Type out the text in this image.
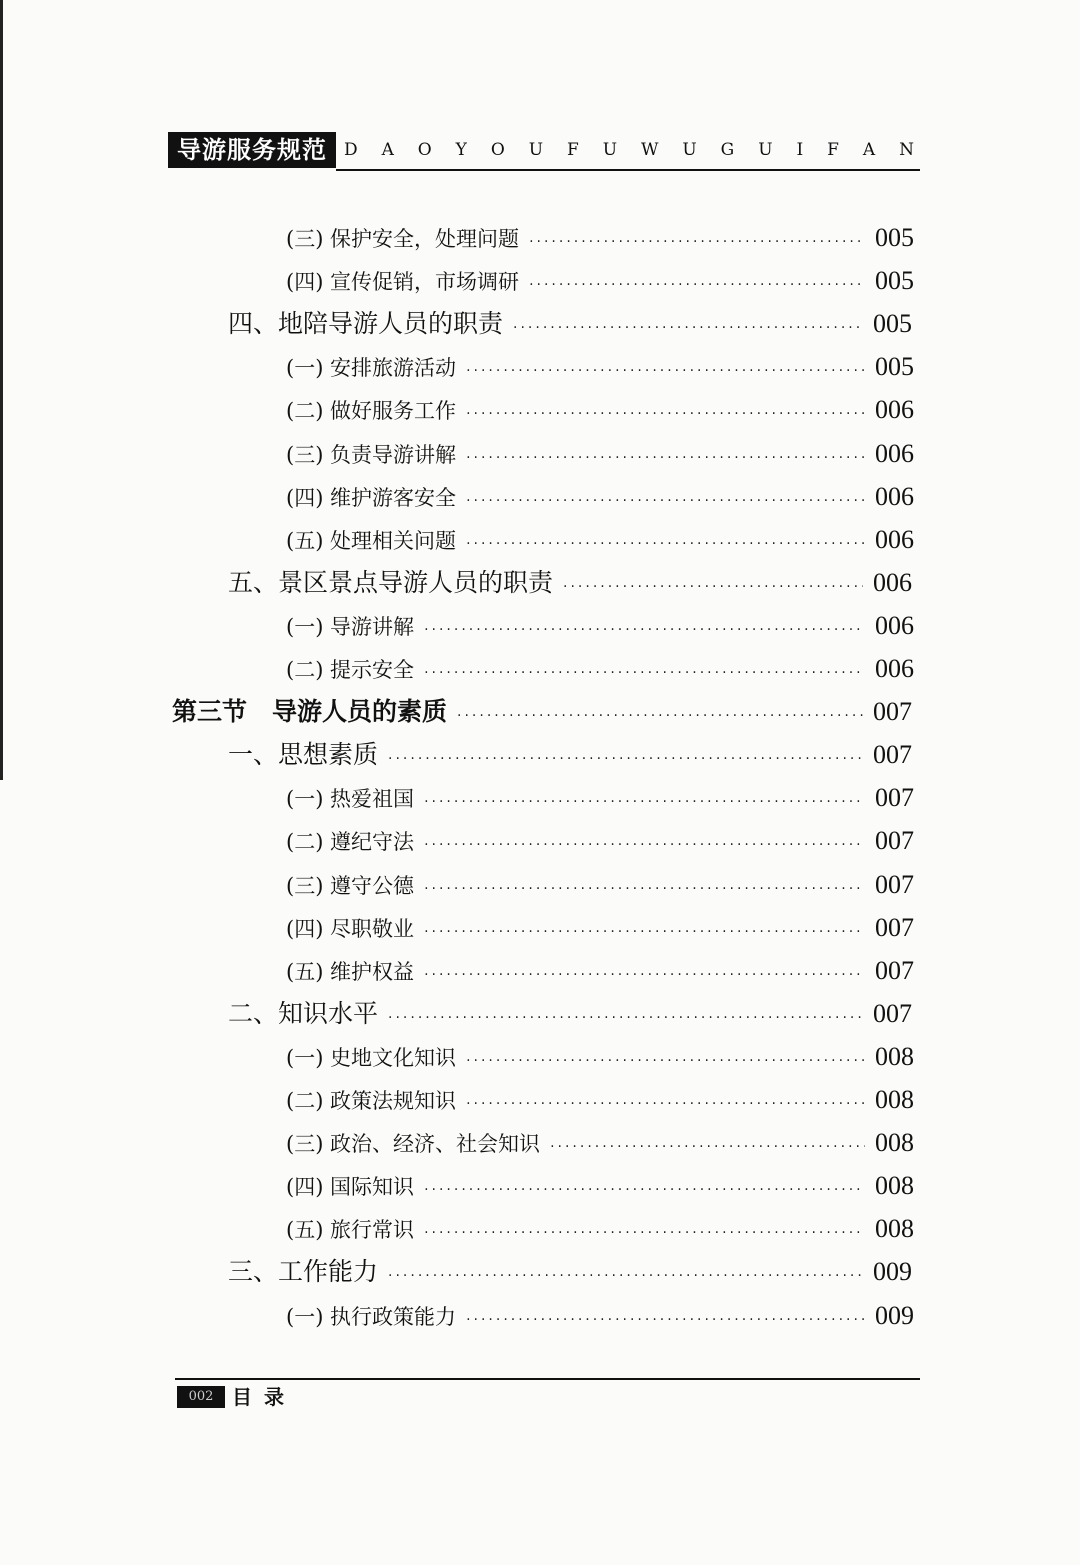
导游服务规范	D A O Y O U F U W U G U I F A N
(三) 保护安全，处理问题 ·····	005
(四) 宣传促销，市场调研 ·····	005
四、地陪导游人员的职责 ·····	005
(一) 安排旅游活动 ·····	005
(二) 做好服务工作 ·····	006
(三) 负责导游讲解 ·····	006
(四) 维护游客安全 ·····	006
(五) 处理相关问题 ·····	006
五、景区景点导游人员的职责 ·····	006
(一) 导游讲解 ·····	006
(二) 提示安全 ·····	006
第三节　导游人员的素质 ·····	007
一、思想素质 ·····	007
(一) 热爱祖国 ·····	007
(二) 遵纪守法 ·····	007
(三) 遵守公德 ·····	007
(四) 尽职敬业 ·····	007
(五) 维护权益 ·····	007
二、知识水平 ·····	007
(一) 史地文化知识 ·····	008
(二) 政策法规知识 ·····	008
(三) 政治、经济、社会知识 ·····	008
(四) 国际知识 ·····	008
(五) 旅行常识 ·····	008
三、工作能力 ·····	009
(一) 执行政策能力 ·····	009
002 目录
